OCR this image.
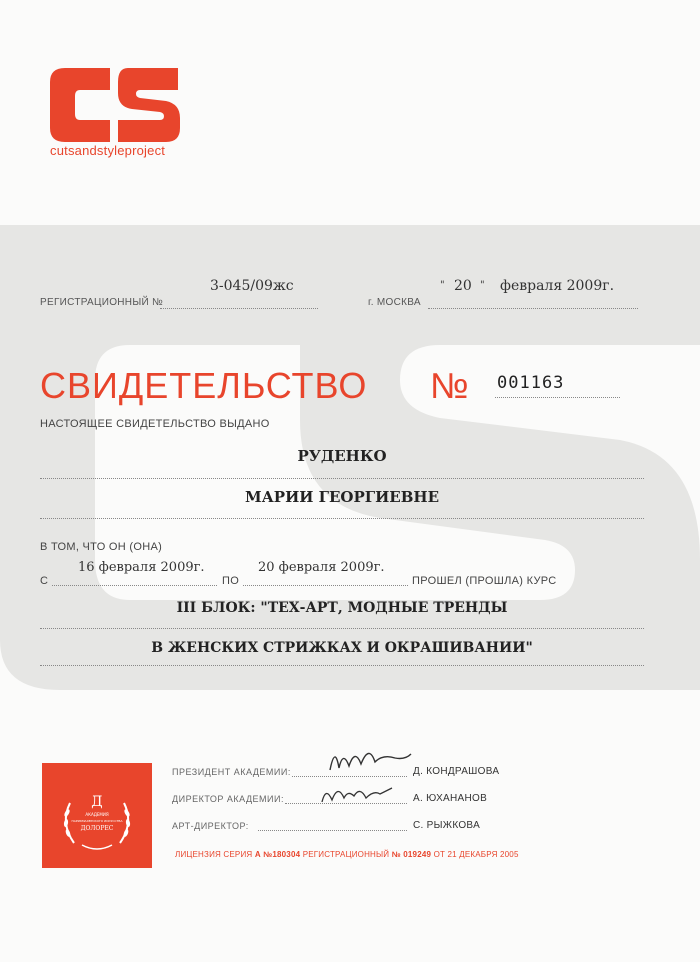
cutsandstyleproject
РЕГИСТРАЦИОННЫЙ №
3-045/09жс
г. МОСКВА
" 20 " февраля 2009г.
СВИДЕТЕЛЬСТВО № 001163
НАСТОЯЩЕЕ СВИДЕТЕЛЬСТВО ВЫДАНО
РУДЕНКО
МАРИИ ГЕОРГИЕВНЕ
В ТОМ, ЧТО ОН (ОНА)
С
16 февраля 2009г.
ПО
20 февраля 2009г.
ПРОШЕЛ (ПРОШЛА) КУРС
III БЛОК: "ТЕХ-АРТ, МОДНЫЕ ТРЕНДЫ
В ЖЕНСКИХ СТРИЖКАХ И ОКРАШИВАНИИ"
Д
АКАДЕМИЯ
ПАРИКМАХЕРСКОГО ИСКУССТВА
ДОЛОРЕС
ПРЕЗИДЕНТ АКАДЕМИИ:	Д. КОНДРАШОВА
ДИРЕКТОР АКАДЕМИИ:	А. ЮХАНАНОВ
АРТ-ДИРЕКТОР:	С. РЫЖКОВА
ЛИЦЕНЗИЯ СЕРИЯ А №180304 РЕГИСТРАЦИОННЫЙ № 019249 ОТ 21 ДЕКАБРЯ 2005
